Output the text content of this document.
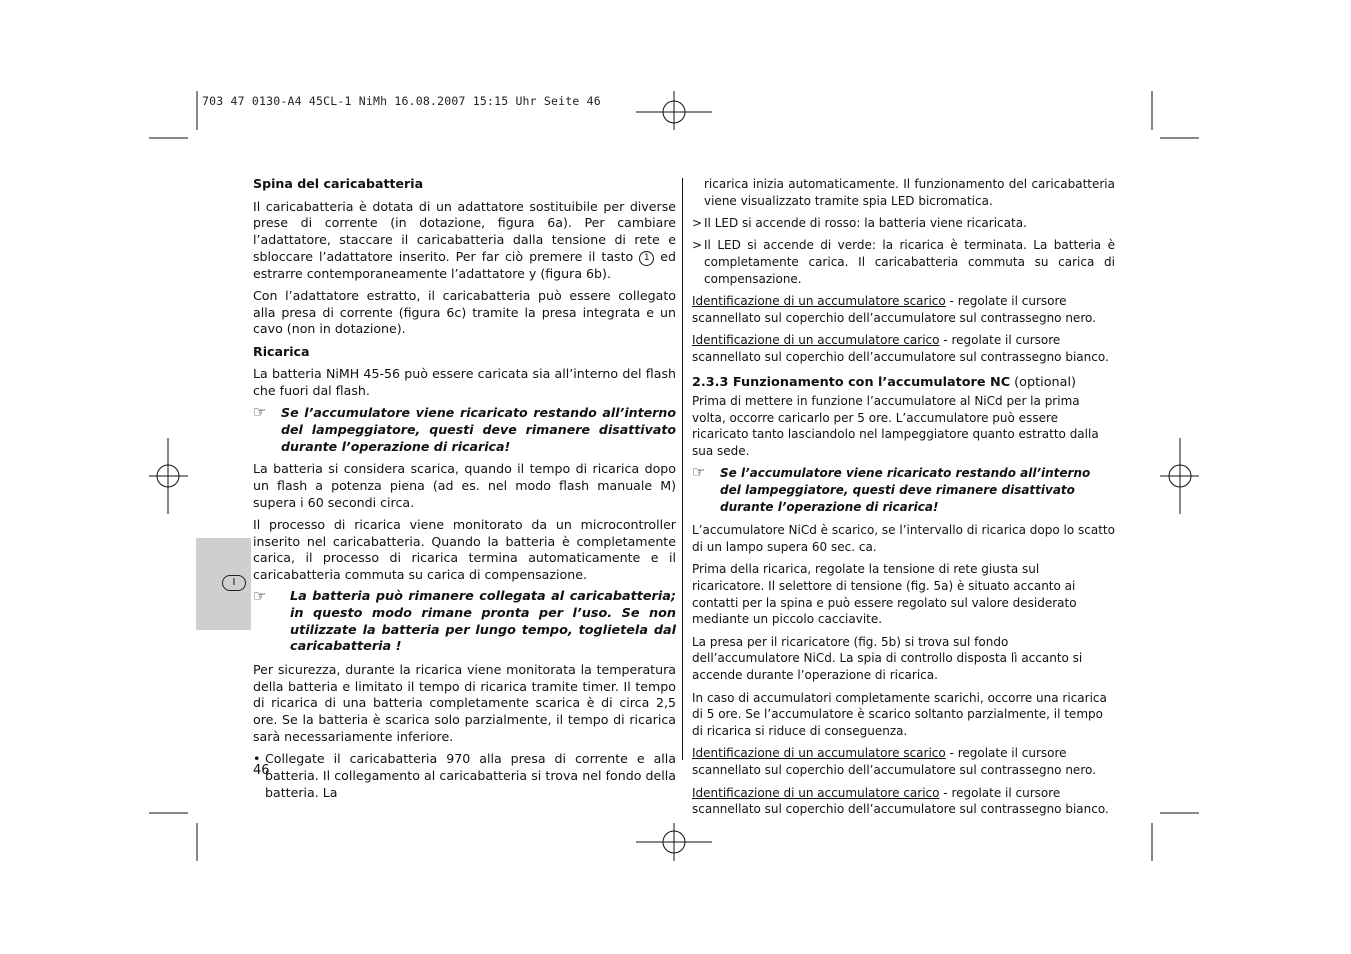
703 47 0130-A4 45CL-1 NiMh 16.08.2007 15:15 Uhr Seite 46
I

Spina del caricabatteria

Il caricabatteria è dotata di un adattatore sostituibile per diverse prese di corrente (in dotazione, figura 6a). Per cambiare l’adattatore, staccare il caricabatteria dalla tensione di rete e sbloccare l’adattatore inserito. Per far ciò premere il tasto 1 ed estrarre contemporaneamente l’adattatore y (figura 6b).

Con l’adattatore estratto, il caricabatteria può essere collegato alla presa di corrente (figura 6c) tramite la presa integrata e un cavo (non in dotazione).

Ricarica

La batteria NiMH 45-56 può essere caricata sia all’interno del flash che fuori dal flash.

☞ Se l’accumulatore viene ricaricato restando all’interno del lampeggiatore, questi deve rimanere disattivato durante l’operazione di ricarica!

La batteria si considera scarica, quando il tempo di ricarica dopo un flash a potenza piena (ad es. nel modo flash manuale M) supera i 60 secondi circa.

Il processo di ricarica viene monitorato da un microcontroller inserito nel caricabatteria. Quando la batteria è completamente carica, il processo di ricarica termina automaticamente e il caricabatteria commuta su carica di compensazione.

☞ La batteria può rimanere collegata al caricabatteria; in questo modo rimane pronta per l’uso. Se non utilizzate la batteria per lungo tempo, toglietela dal caricabatteria !

Per sicurezza, durante la ricarica viene monitorata la temperatura della batteria e limitato il tempo di ricarica tramite timer. Il tempo di ricarica di una batteria completamente scarica è di circa 2,5 ore. Se la batteria è scarica solo parzialmente, il tempo di ricarica sarà necessariamente inferiore.

• Collegate il caricabatteria 970 alla presa di corrente e alla batteria. Il collegamento al caricabatteria si trova nel fondo della batteria. La

ricarica inizia automaticamente. Il funzionamento del caricabatteria viene visualizzato tramite spia LED bicromatica.

> Il LED si accende di rosso: la batteria viene ricaricata.

> Il LED si accende di verde: la ricarica è terminata. La batteria è completamente carica. Il caricabatteria commuta su carica di compensazione.

Identificazione di un accumulatore scarico - regolate il cursore scannellato sul coperchio dell’accumulatore sul contrassegno nero.

Identificazione di un accumulatore carico - regolate il cursore scannellato sul coperchio dell’accumulatore sul contrassegno bianco.

2.3.3 Funzionamento con l’accumulatore NC (optional)

Prima di mettere in funzione l’accumulatore al NiCd per la prima volta, occorre caricarlo per 5 ore. L’accumulatore può essere ricaricato tanto lasciandolo nel lampeggiatore quanto estratto dalla sua sede.

☞ Se l’accumulatore viene ricaricato restando all’interno del lampeggiatore, questi deve rimanere disattivato durante l’operazione di ricarica!

L’accumulatore NiCd è scarico, se l’intervallo di ricarica dopo lo scatto di un lampo supera 60 sec. ca.

Prima della ricarica, regolate la tensione di rete giusta sul ricaricatore. Il selettore di tensione (fig. 5a) è situato accanto ai contatti per la spina e può essere regolato sul valore desiderato mediante un piccolo cacciavite.

La presa per il ricaricatore (fig. 5b) si trova sul fondo dell’accumulatore NiCd. La spia di controllo disposta lì accanto si accende durante l’operazione di ricarica.

In caso di accumulatori completamente scarichi, occorre una ricarica di 5 ore. Se l’accumulatore è scarico soltanto parzialmente, il tempo di ricarica si riduce di conseguenza.

Identificazione di un accumulatore scarico - regolate il cursore scannellato sul coperchio dell’accumulatore sul contrassegno nero.

Identificazione di un accumulatore carico - regolate il cursore scannellato sul coperchio dell’accumulatore sul contrassegno bianco.

46
